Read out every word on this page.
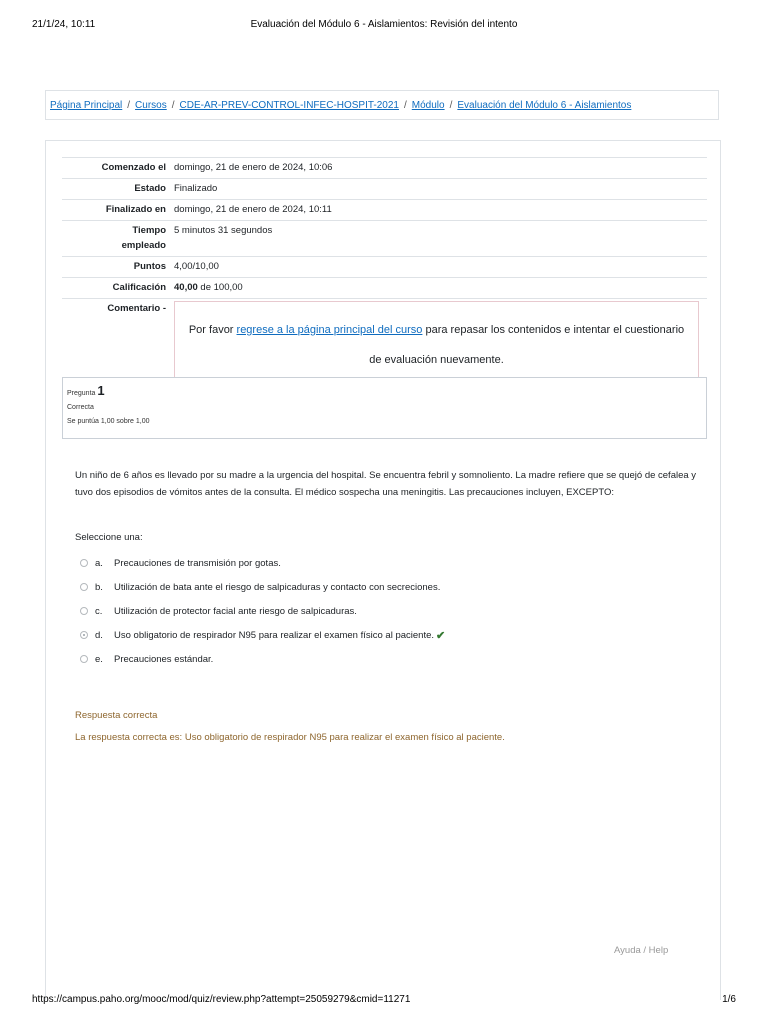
21/1/24, 10:11	Evaluación del Módulo 6 - Aislamientos: Revisión del intento
Página Principal / Cursos / CDE-AR-PREV-CONTROL-INFEC-HOSPIT-2021 / Módulo / Evaluación del Módulo 6 - Aislamientos
Comenzado el	domingo, 21 de enero de 2024, 10:06
Estado	Finalizado
Finalizado en	domingo, 21 de enero de 2024, 10:11
Tiempo
empleado	5 minutos 31 segundos
Puntos	4,00/10,00
Calificación	40,00 de 100,00
Comentario -	Por favor regrese a la página principal del curso para repasar los contenidos e intentar el cuestionario de evaluación nuevamente.
Pregunta 1
Correcta
Se puntúa 1,00 sobre 1,00
Un niño de 6 años es llevado por su madre a la urgencia del hospital. Se encuentra febril y somnoliento. La madre refiere que se quejó de cefalea y tuvo dos episodios de vómitos antes de la consulta. El médico sospecha una meningitis. Las precauciones incluyen, EXCEPTO:
Seleccione una:
a.	Precauciones de transmisión por gotas.
b.	Utilización de bata ante el riesgo de salpicaduras y contacto con secreciones.
c.	Utilización de protector facial ante riesgo de salpicaduras.
d.	Uso obligatorio de respirador N95 para realizar el examen físico al paciente. ✔
e.	Precauciones estándar.
Respuesta correcta
La respuesta correcta es: Uso obligatorio de respirador N95 para realizar el examen físico al paciente.
Ayuda / Help
https://campus.paho.org/mooc/mod/quiz/review.php?attempt=25059279&cmid=11271	1/6
